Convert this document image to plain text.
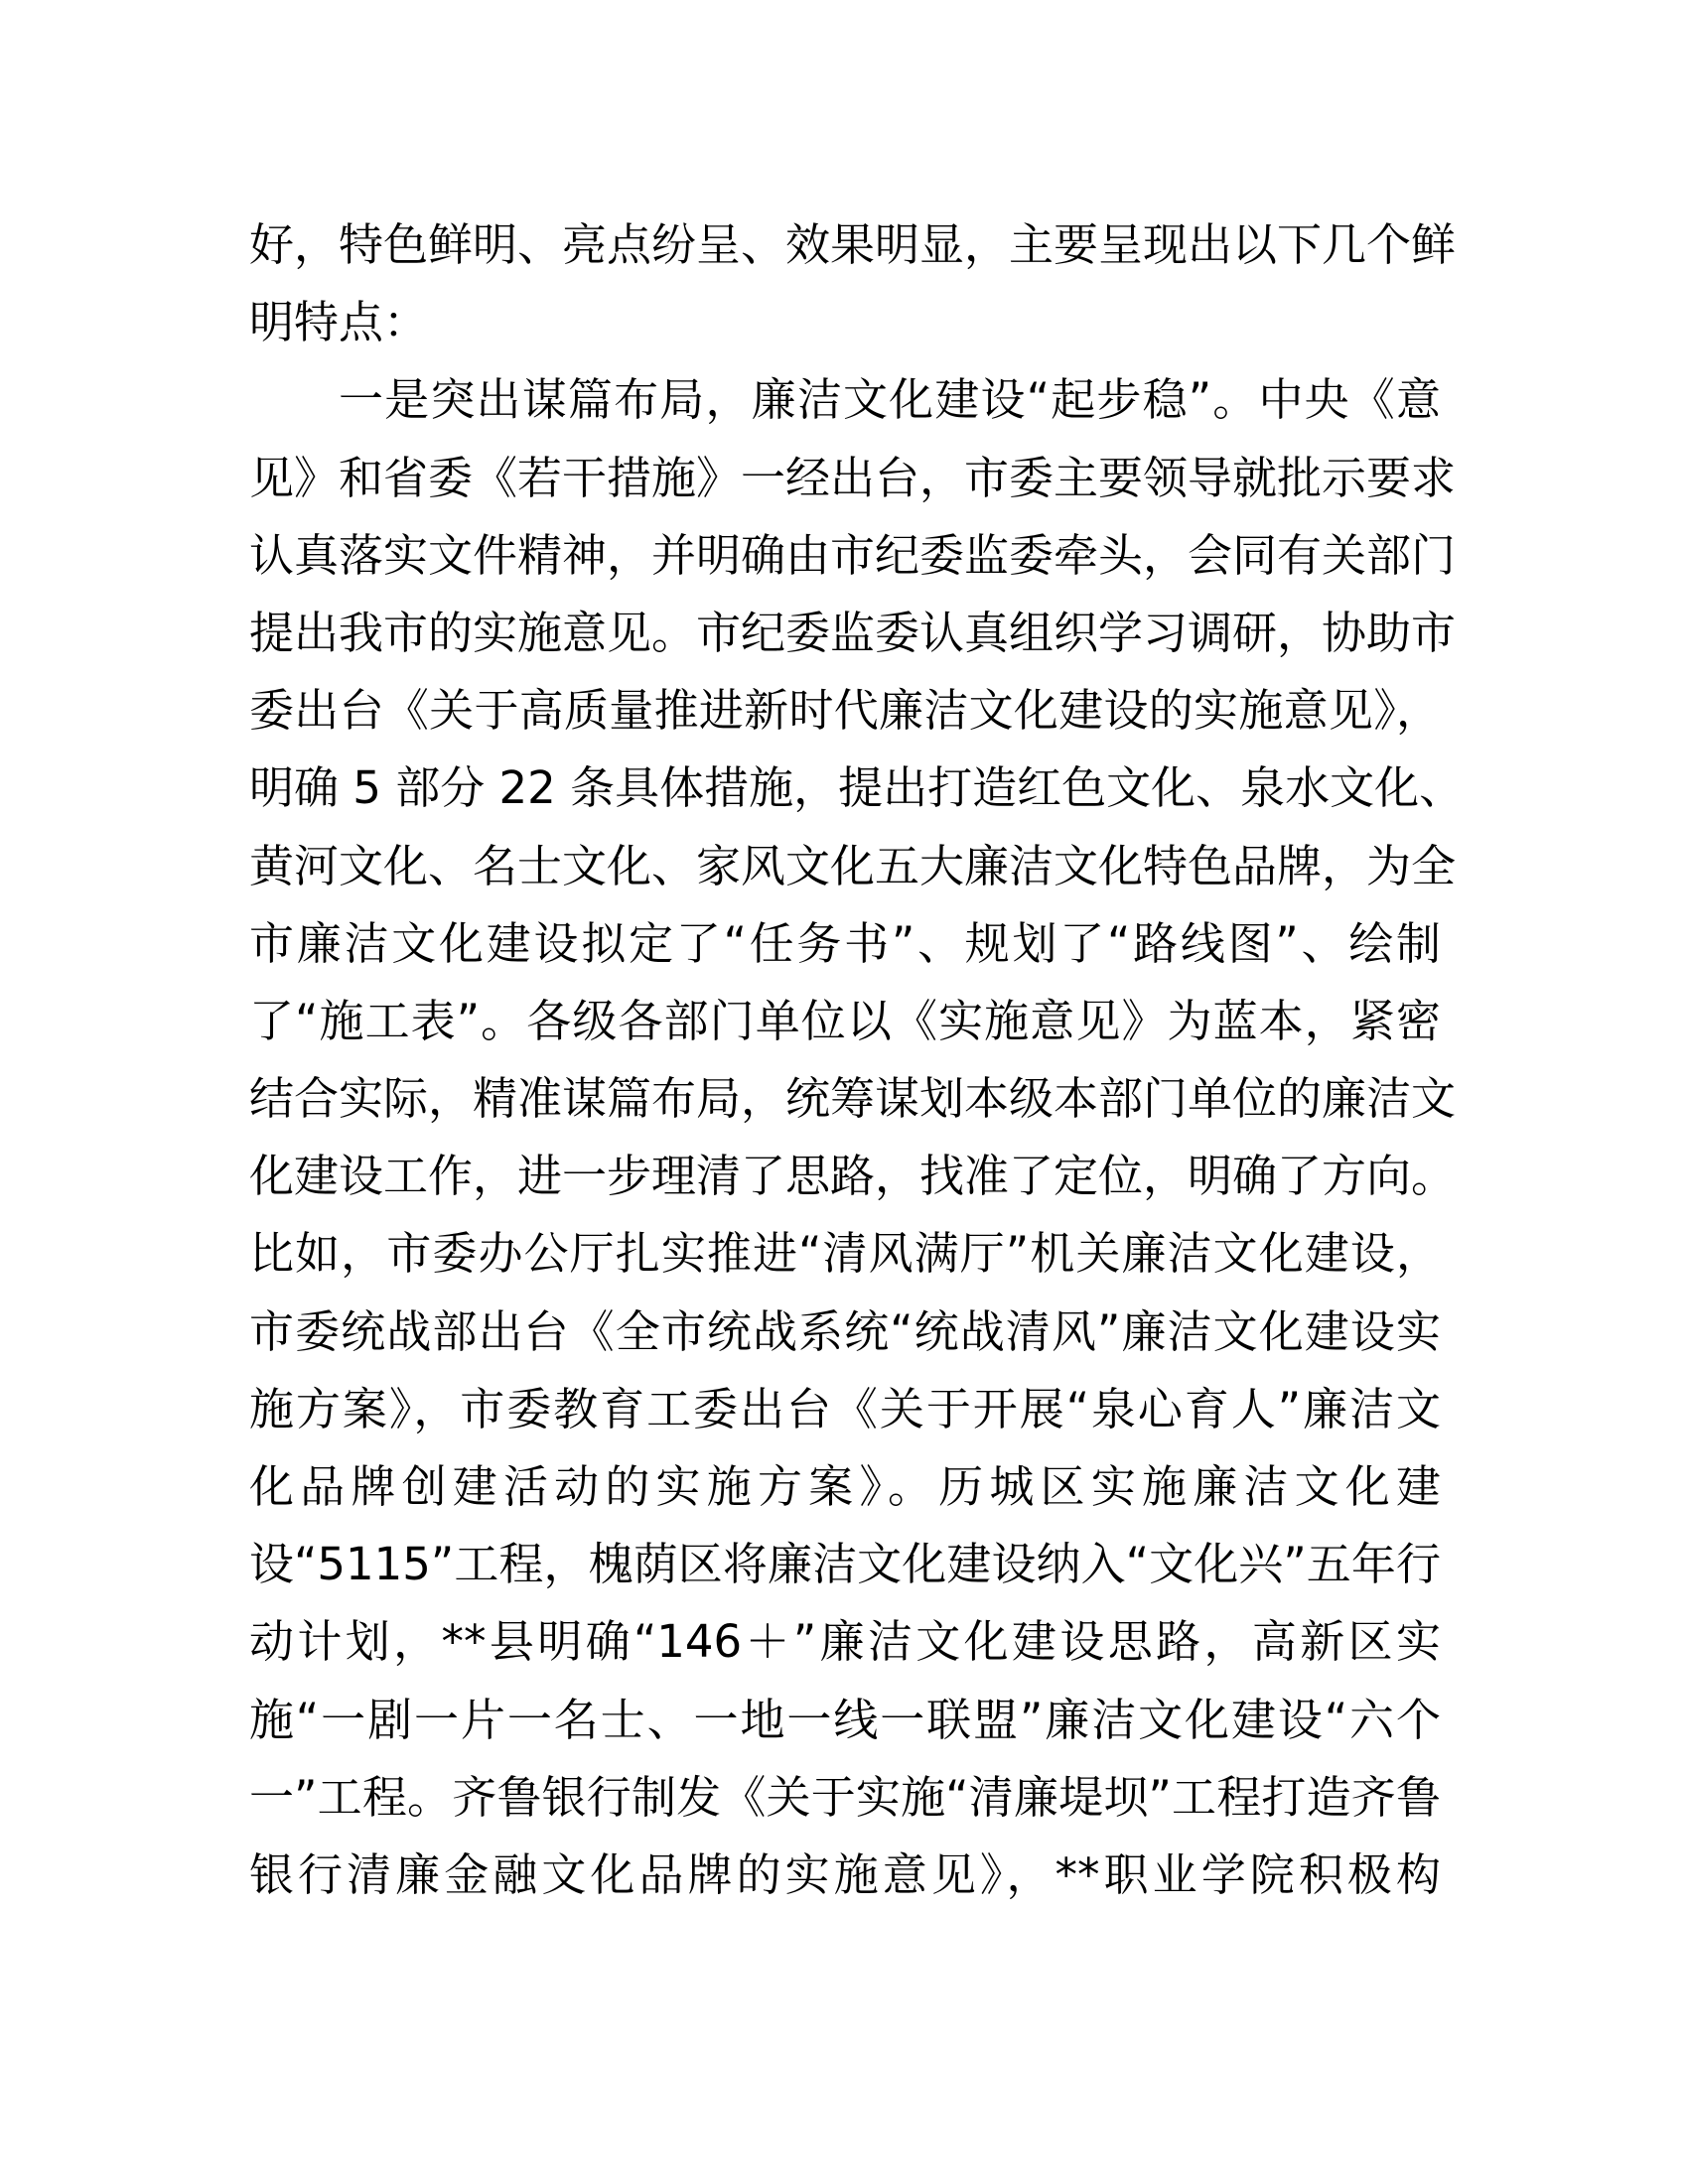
好，特色鲜明、亮点纷呈、效果明显，主要呈现出以下几个鲜
明特点：
一是突出谋篇布局，廉洁文化建设“起步稳”。中央《意
见》和省委《若干措施》一经出台，市委主要领导就批示要求
认真落实文件精神，并明确由市纪委监委牵头，会同有关部门
提出我市的实施意见。市纪委监委认真组织学习调研，协助市
委出台《关于高质量推进新时代廉洁文化建设的实施意见》，
明确 5 部分 22 条具体措施，提出打造红色文化、泉水文化、
黄河文化、名士文化、家风文化五大廉洁文化特色品牌，为全
市廉洁文化建设拟定了“任务书”、规划了“路线图”、绘制
了“施工表”。各级各部门单位以《实施意见》为蓝本，紧密
结合实际，精准谋篇布局，统筹谋划本级本部门单位的廉洁文
化建设工作，进一步理清了思路，找准了定位，明确了方向。
比如，市委办公厅扎实推进“清风满厅”机关廉洁文化建设，
市委统战部出台《全市统战系统“统战清风”廉洁文化建设实
施方案》，市委教育工委出台《关于开展“泉心育人”廉洁文
化品牌创建活动的实施方案》。历城区实施廉洁文化建
设“5115”工程，槐荫区将廉洁文化建设纳入“文化兴”五年行
动计划，**县明确“146＋”廉洁文化建设思路，高新区实
施“一剧一片一名士、一地一线一联盟”廉洁文化建设“六个
一”工程。齐鲁银行制发《关于实施“清廉堤坝”工程打造齐鲁
银行清廉金融文化品牌的实施意见》，**职业学院积极构
